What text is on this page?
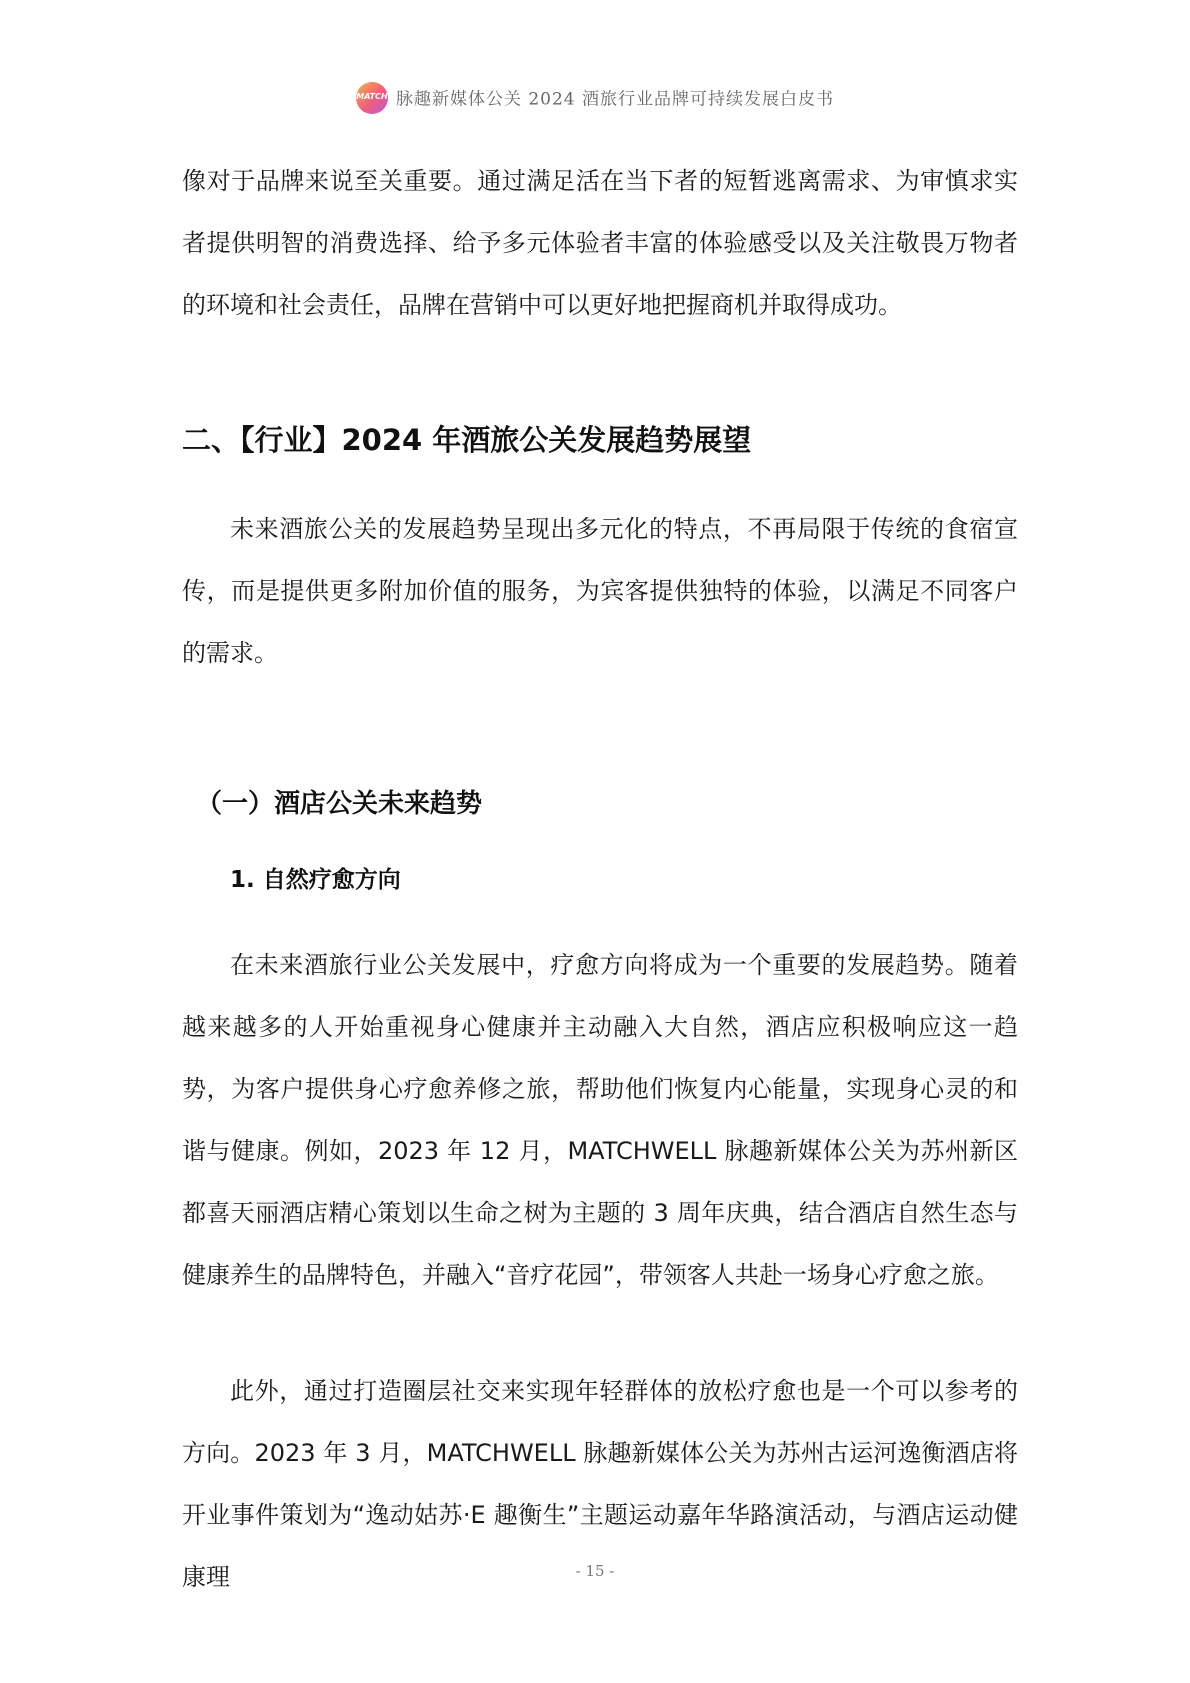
MATCH 脉趣新媒体公关 2024 酒旅行业品牌可持续发展白皮书

像对于品牌来说至关重要。通过满足活在当下者的短暂逃离需求、为审慎求实者提供明智的消费选择、给予多元体验者丰富的体验感受以及关注敬畏万物者的环境和社会责任，品牌在营销中可以更好地把握商机并取得成功。

二、【行业】2024 年酒旅公关发展趋势展望

未来酒旅公关的发展趋势呈现出多元化的特点，不再局限于传统的食宿宣传，而是提供更多附加价值的服务，为宾客提供独特的体验，以满足不同客户的需求。

（一）酒店公关未来趋势
1. 自然疗愈方向

在未来酒旅行业公关发展中，疗愈方向将成为一个重要的发展趋势。随着越来越多的人开始重视身心健康并主动融入大自然，酒店应积极响应这一趋势，为客户提供身心疗愈养修之旅，帮助他们恢复内心能量，实现身心灵的和谐与健康。例如，2023 年 12 月，MATCHWELL 脉趣新媒体公关为苏州新区都喜天丽酒店精心策划以生命之树为主题的 3 周年庆典，结合酒店自然生态与健康养生的品牌特色，并融入“音疗花园”，带领客人共赴一场身心疗愈之旅。

此外，通过打造圈层社交来实现年轻群体的放松疗愈也是一个可以参考的方向。2023 年 3 月，MATCHWELL 脉趣新媒体公关为苏州古运河逸衡酒店将开业事件策划为“逸动姑苏·E 趣衡生”主题运动嘉年华路演活动，与酒店运动健康理	- 15 -
